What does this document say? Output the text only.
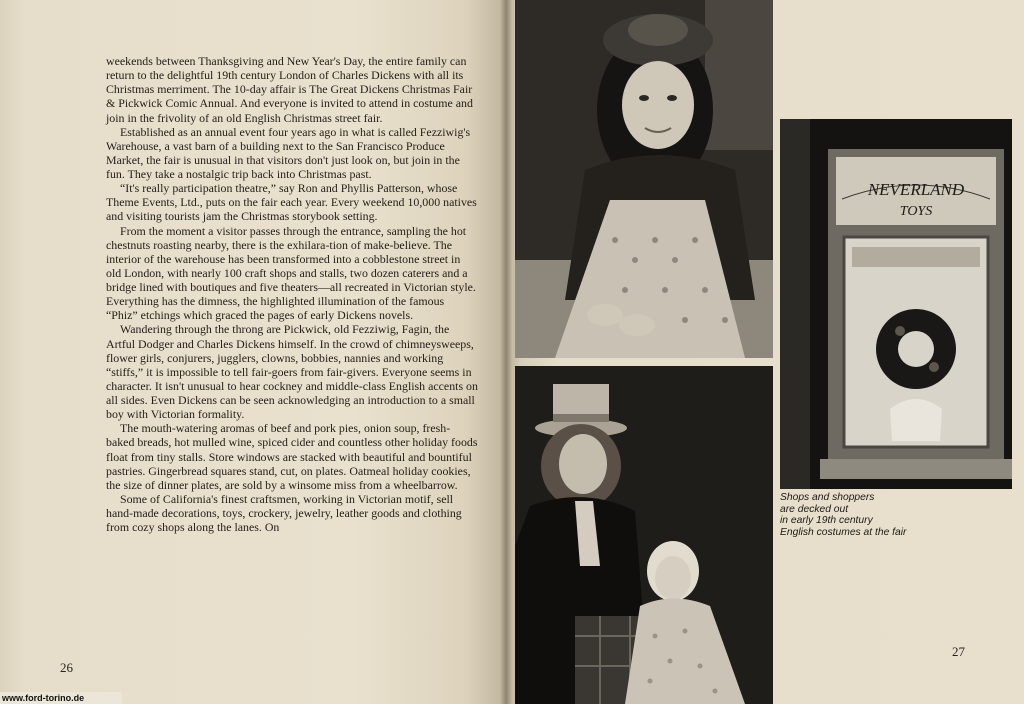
weekends between Thanksgiving and New Year's Day, the entire family can return to the delightful 19th century London of Charles Dickens with all its Christmas merriment. The 10-day affair is The Great Dickens Christmas Fair & Pickwick Comic Annual. And everyone is invited to attend in costume and join in the frivolity of an old English Christmas street fair.

Established as an annual event four years ago in what is called Fezziwig's Warehouse, a vast barn of a building next to the San Francisco Produce Market, the fair is unusual in that visitors don't just look on, but join in the fun. They take a nostalgic trip back into Christmas past.

“It's really participation theatre,” say Ron and Phyllis Patterson, whose Theme Events, Ltd., puts on the fair each year. Every weekend 10,000 natives and visiting tourists jam the Christmas storybook setting.

From the moment a visitor passes through the entrance, sampling the hot chestnuts roasting nearby, there is the exhilara-tion of make-believe. The interior of the warehouse has been transformed into a cobblestone street in old London, with nearly 100 craft shops and stalls, two dozen caterers and a bridge lined with boutiques and five theaters—all recreated in Victorian style. Everything has the dimness, the highlighted illumination of the famous “Phiz” etchings which graced the pages of early Dickens novels.

Wandering through the throng are Pickwick, old Fezziwig, Fagin, the Artful Dodger and Charles Dickens himself. In the crowd of chimneysweeps, flower girls, conjurers, jugglers, clowns, bobbies, nannies and working “stiffs,” it is impossible to tell fair-goers from fair-givers. Everyone seems in character. It isn't unusual to hear cockney and middle-class English accents on all sides. Even Dickens can be seen acknowledging an introduction to a small boy with Victorian formality.

The mouth-watering aromas of beef and pork pies, onion soup, fresh-baked breads, hot mulled wine, spiced cider and countless other holiday foods float from tiny stalls. Store windows are stacked with beautiful and bountiful pastries. Gingerbread squares stand, cut, on plates. Oatmeal holiday cookies, the size of dinner plates, are sold by a winsome miss from a wheelbarrow.

Some of California's finest craftsmen, working in Victorian motif, sell hand-made decorations, toys, crockery, jewelry, leather goods and clothing from cozy shops along the lanes. On

26
27
NEVERLAND
TOYS
Shops and shoppers
are decked out
in early 19th century
English costumes at the fair
www.ford-torino.de
